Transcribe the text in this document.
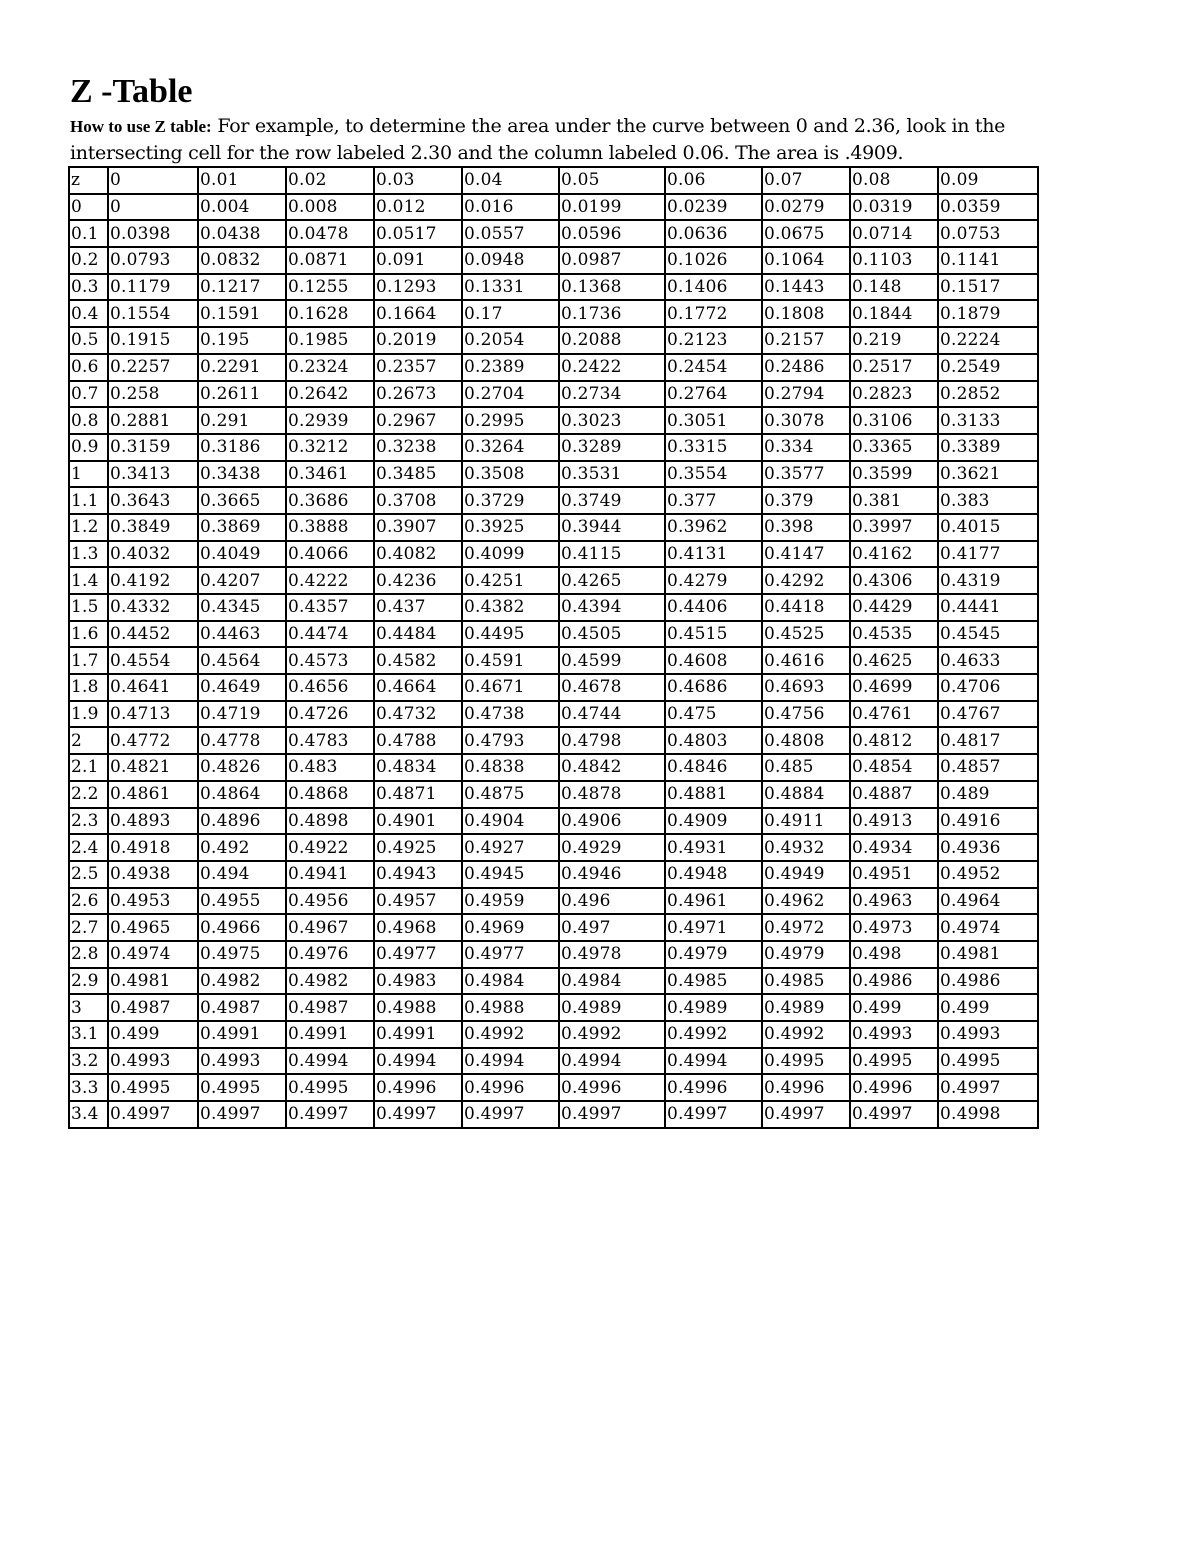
Z -Table
How to use Z table: For example, to determine the area under the curve between 0 and 2.36, look in the intersecting cell for the row labeled 2.30 and the column labeled 0.06. The area is .4909.
z	0	0.01	0.02	0.03	0.04	0.05	0.06	0.07	0.08	0.09
0	0	0.004	0.008	0.012	0.016	0.0199	0.0239	0.0279	0.0319	0.0359
0.1	0.0398	0.0438	0.0478	0.0517	0.0557	0.0596	0.0636	0.0675	0.0714	0.0753
0.2	0.0793	0.0832	0.0871	0.091	0.0948	0.0987	0.1026	0.1064	0.1103	0.1141
0.3	0.1179	0.1217	0.1255	0.1293	0.1331	0.1368	0.1406	0.1443	0.148	0.1517
0.4	0.1554	0.1591	0.1628	0.1664	0.17	0.1736	0.1772	0.1808	0.1844	0.1879
0.5	0.1915	0.195	0.1985	0.2019	0.2054	0.2088	0.2123	0.2157	0.219	0.2224
0.6	0.2257	0.2291	0.2324	0.2357	0.2389	0.2422	0.2454	0.2486	0.2517	0.2549
0.7	0.258	0.2611	0.2642	0.2673	0.2704	0.2734	0.2764	0.2794	0.2823	0.2852
0.8	0.2881	0.291	0.2939	0.2967	0.2995	0.3023	0.3051	0.3078	0.3106	0.3133
0.9	0.3159	0.3186	0.3212	0.3238	0.3264	0.3289	0.3315	0.334	0.3365	0.3389
1	0.3413	0.3438	0.3461	0.3485	0.3508	0.3531	0.3554	0.3577	0.3599	0.3621
1.1	0.3643	0.3665	0.3686	0.3708	0.3729	0.3749	0.377	0.379	0.381	0.383
1.2	0.3849	0.3869	0.3888	0.3907	0.3925	0.3944	0.3962	0.398	0.3997	0.4015
1.3	0.4032	0.4049	0.4066	0.4082	0.4099	0.4115	0.4131	0.4147	0.4162	0.4177
1.4	0.4192	0.4207	0.4222	0.4236	0.4251	0.4265	0.4279	0.4292	0.4306	0.4319
1.5	0.4332	0.4345	0.4357	0.437	0.4382	0.4394	0.4406	0.4418	0.4429	0.4441
1.6	0.4452	0.4463	0.4474	0.4484	0.4495	0.4505	0.4515	0.4525	0.4535	0.4545
1.7	0.4554	0.4564	0.4573	0.4582	0.4591	0.4599	0.4608	0.4616	0.4625	0.4633
1.8	0.4641	0.4649	0.4656	0.4664	0.4671	0.4678	0.4686	0.4693	0.4699	0.4706
1.9	0.4713	0.4719	0.4726	0.4732	0.4738	0.4744	0.475	0.4756	0.4761	0.4767
2	0.4772	0.4778	0.4783	0.4788	0.4793	0.4798	0.4803	0.4808	0.4812	0.4817
2.1	0.4821	0.4826	0.483	0.4834	0.4838	0.4842	0.4846	0.485	0.4854	0.4857
2.2	0.4861	0.4864	0.4868	0.4871	0.4875	0.4878	0.4881	0.4884	0.4887	0.489
2.3	0.4893	0.4896	0.4898	0.4901	0.4904	0.4906	0.4909	0.4911	0.4913	0.4916
2.4	0.4918	0.492	0.4922	0.4925	0.4927	0.4929	0.4931	0.4932	0.4934	0.4936
2.5	0.4938	0.494	0.4941	0.4943	0.4945	0.4946	0.4948	0.4949	0.4951	0.4952
2.6	0.4953	0.4955	0.4956	0.4957	0.4959	0.496	0.4961	0.4962	0.4963	0.4964
2.7	0.4965	0.4966	0.4967	0.4968	0.4969	0.497	0.4971	0.4972	0.4973	0.4974
2.8	0.4974	0.4975	0.4976	0.4977	0.4977	0.4978	0.4979	0.4979	0.498	0.4981
2.9	0.4981	0.4982	0.4982	0.4983	0.4984	0.4984	0.4985	0.4985	0.4986	0.4986
3	0.4987	0.4987	0.4987	0.4988	0.4988	0.4989	0.4989	0.4989	0.499	0.499
3.1	0.499	0.4991	0.4991	0.4991	0.4992	0.4992	0.4992	0.4992	0.4993	0.4993
3.2	0.4993	0.4993	0.4994	0.4994	0.4994	0.4994	0.4994	0.4995	0.4995	0.4995
3.3	0.4995	0.4995	0.4995	0.4996	0.4996	0.4996	0.4996	0.4996	0.4996	0.4997
3.4	0.4997	0.4997	0.4997	0.4997	0.4997	0.4997	0.4997	0.4997	0.4997	0.4998
